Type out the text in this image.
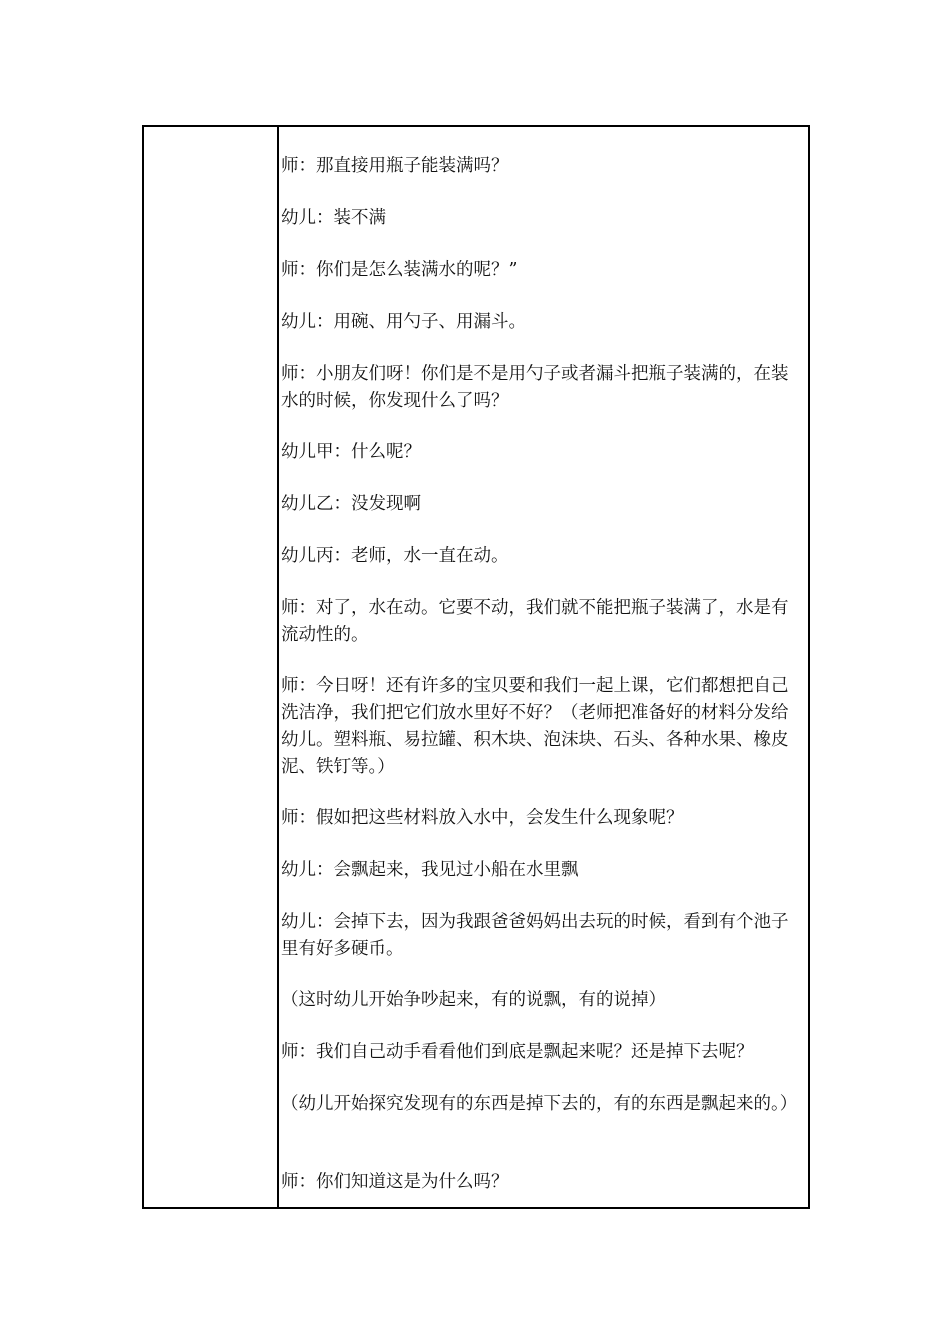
师：那直接用瓶子能装满吗？

幼儿：装不满

师：你们是怎么装满水的呢？”

幼儿：用碗、用勺子、用漏斗。

师：小朋友们呀！你们是不是用勺子或者漏斗把瓶子装满的，在装水的时候，你发现什么了吗？

幼儿甲：什么呢？

幼儿乙：没发现啊

幼儿丙：老师，水一直在动。

师：对了，水在动。它要不动，我们就不能把瓶子装满了，水是有流动性的。

师：今日呀！还有许多的宝贝要和我们一起上课，它们都想把自己洗洁净，我们把它们放水里好不好？（老师把准备好的材料分发给幼儿。塑料瓶、易拉罐、积木块、泡沫块、石头、各种水果、橡皮泥、铁钉等。）

师：假如把这些材料放入水中，会发生什么现象呢？

幼儿：会飘起来，我见过小船在水里飘

幼儿：会掉下去，因为我跟爸爸妈妈出去玩的时候，看到有个池子里有好多硬币。

（这时幼儿开始争吵起来，有的说飘，有的说掉）

师：我们自己动手看看他们到底是飘起来呢？还是掉下去呢？

（幼儿开始探究发现有的东西是掉下去的，有的东西是飘起来的。）

师：你们知道这是为什么吗？
